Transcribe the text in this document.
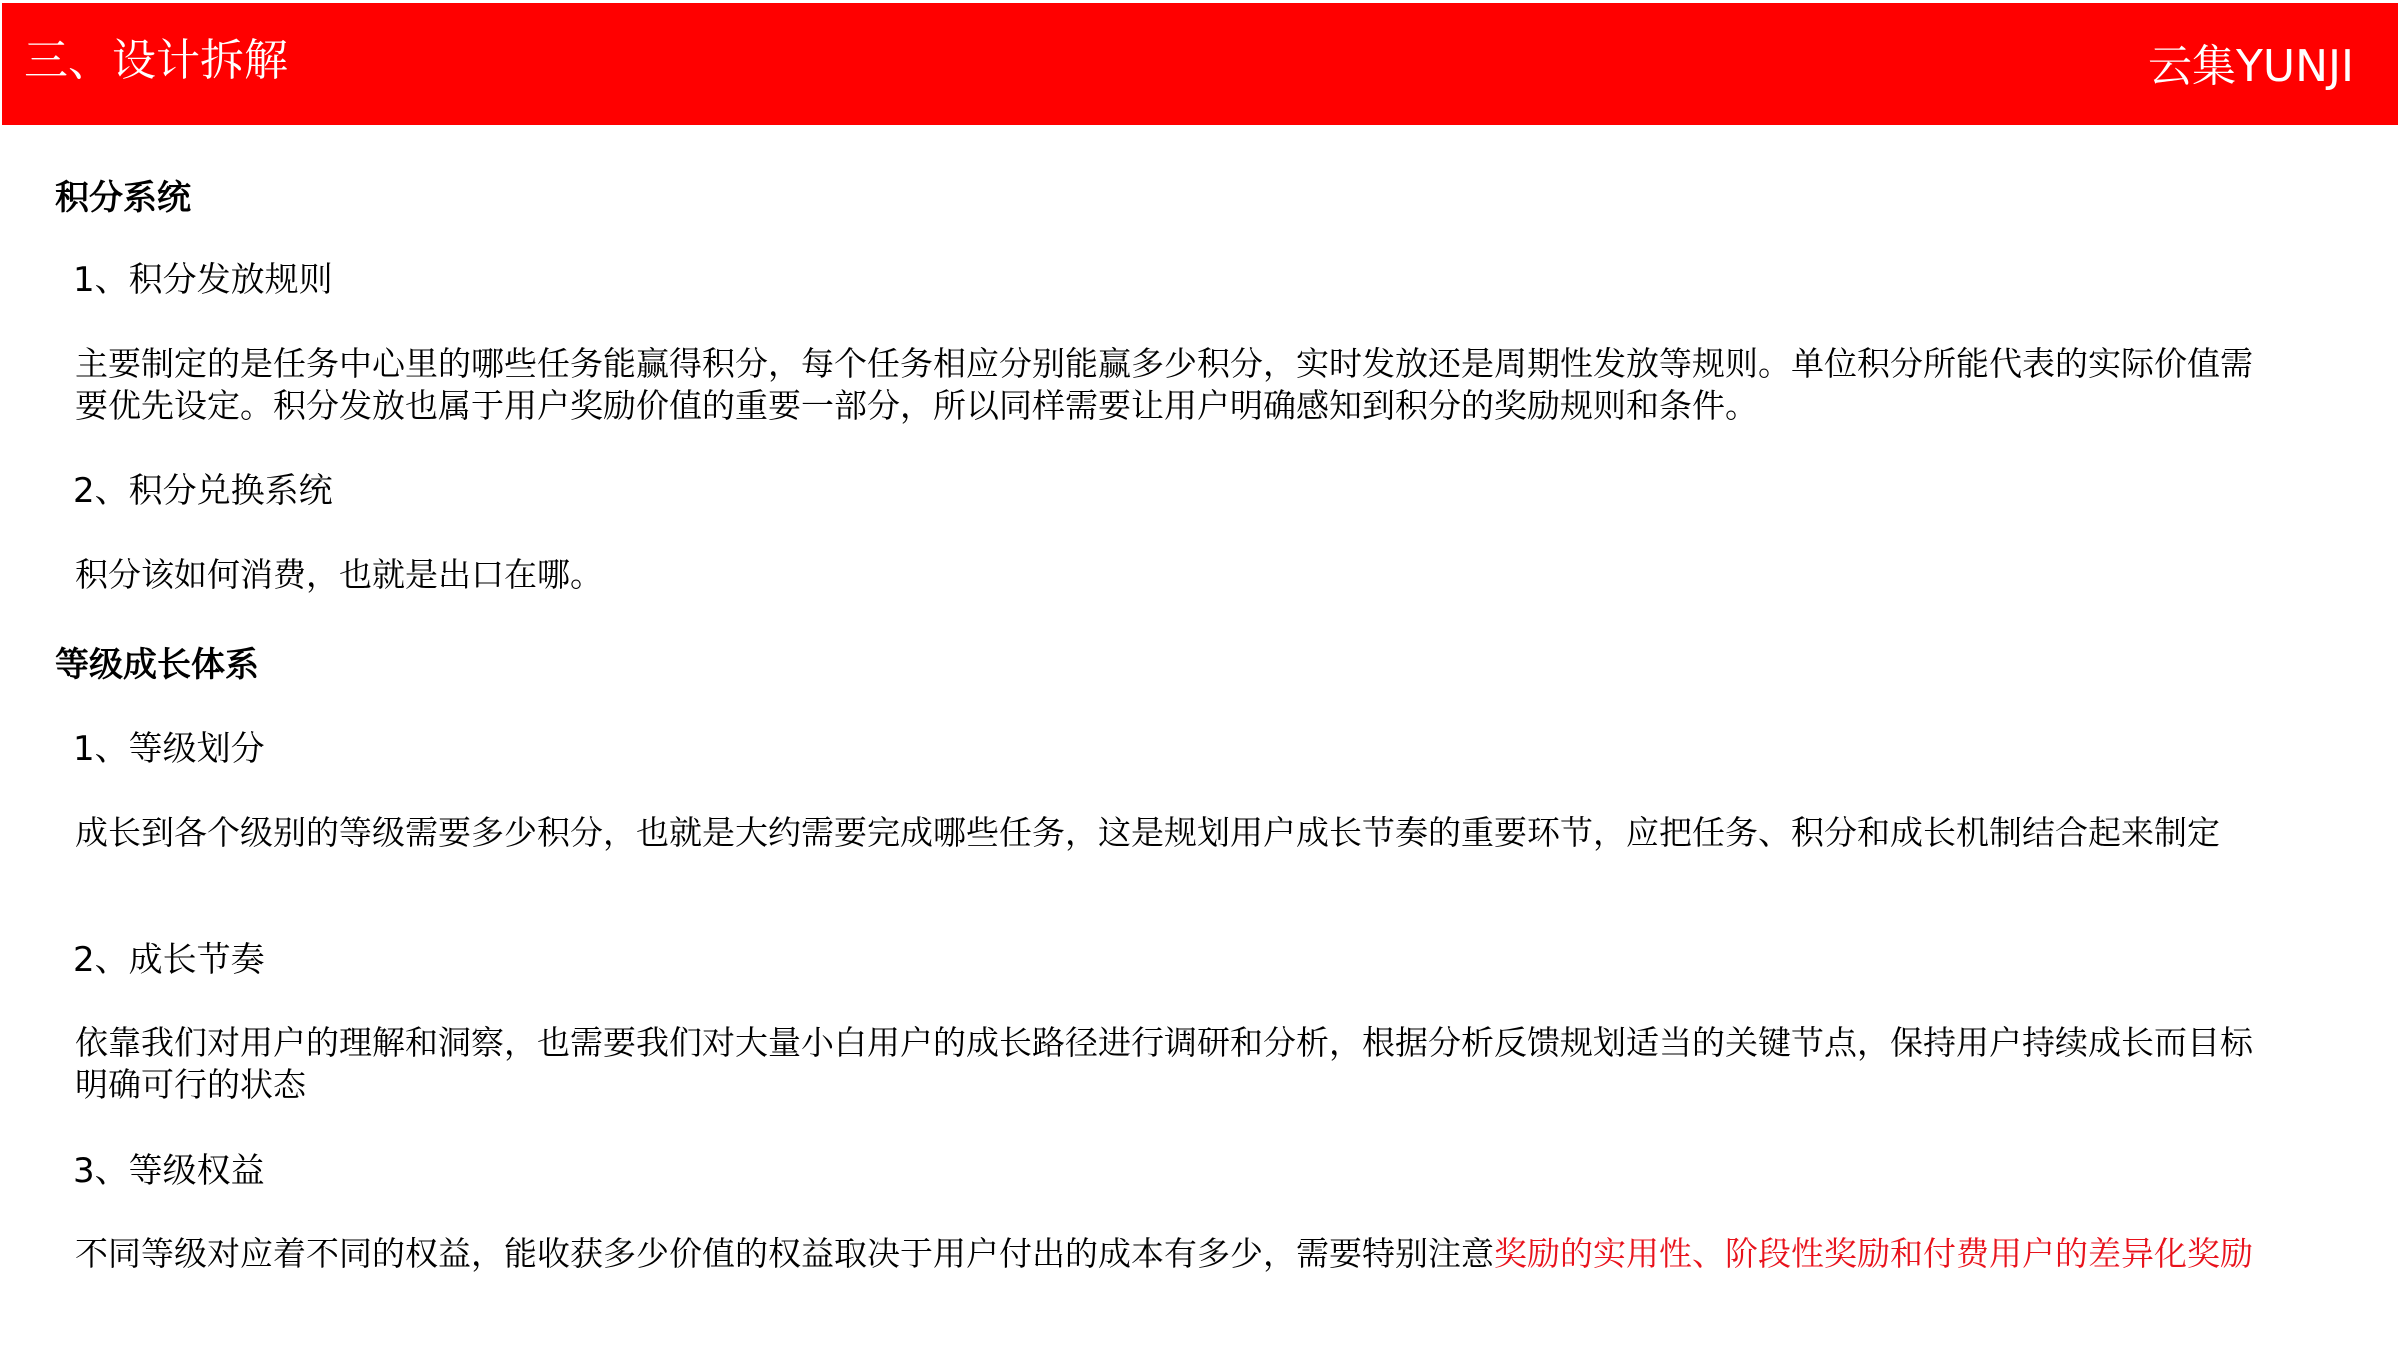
三、设计拆解	云集YUNJI
积分系统
1、积分发放规则
主要制定的是任务中心里的哪些任务能赢得积分，每个任务相应分别能赢多少积分，实时发放还是周期性发放等规则。单位积分所能代表的实际价值需要优先设定。积分发放也属于用户奖励价值的重要一部分，所以同样需要让用户明确感知到积分的奖励规则和条件。
2、积分兑换系统
积分该如何消费，也就是出口在哪。
等级成长体系
1、等级划分
成长到各个级别的等级需要多少积分，也就是大约需要完成哪些任务，这是规划用户成长节奏的重要环节，应把任务、积分和成长机制结合起来制定
2、成长节奏
依靠我们对用户的理解和洞察，也需要我们对大量小白用户的成长路径进行调研和分析，根据分析反馈规划适当的关键节点，保持用户持续成长而目标明确可行的状态
3、等级权益
不同等级对应着不同的权益，能收获多少价值的权益取决于用户付出的成本有多少，需要特别注意奖励的实用性、阶段性奖励和付费用户的差异化奖励
